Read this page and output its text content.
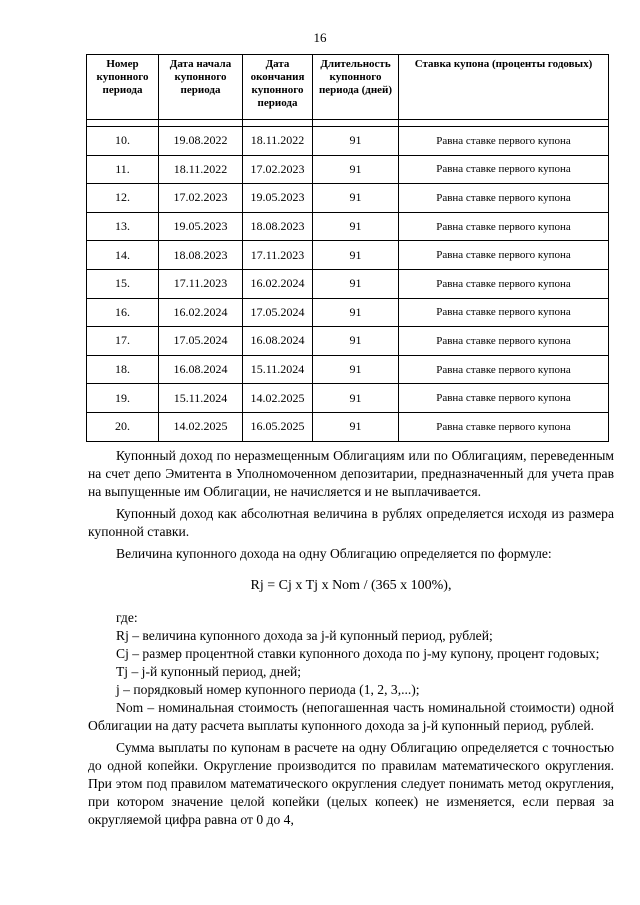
16
Номер купонного периода	Дата начала купонного периода	Дата окончания купонного периода	Длительность купонного периода (дней)	Ставка купона (проценты годовых)

10.	19.08.2022	18.11.2022	91	Равна ставке первого купона
11.	18.11.2022	17.02.2023	91	Равна ставке первого купона
12.	17.02.2023	19.05.2023	91	Равна ставке первого купона
13.	19.05.2023	18.08.2023	91	Равна ставке первого купона
14.	18.08.2023	17.11.2023	91	Равна ставке первого купона
15.	17.11.2023	16.02.2024	91	Равна ставке первого купона
16.	16.02.2024	17.05.2024	91	Равна ставке первого купона
17.	17.05.2024	16.08.2024	91	Равна ставке первого купона
18.	16.08.2024	15.11.2024	91	Равна ставке первого купона
19.	15.11.2024	14.02.2025	91	Равна ставке первого купона
20.	14.02.2025	16.05.2025	91	Равна ставке первого купона

Купонный доход по неразмещенным Облигациям или по Облигациям, переведенным на счет депо Эмитента в Уполномоченном депозитарии, предназначенный для учета прав на выпущенные им Облигации, не начисляется и не выплачивается.

Купонный доход как абсолютная величина в рублях определяется исходя из размера купонной ставки.

Величина купонного дохода на одну Облигацию определяется по формуле:

Rj = Cj x Tj x Nom / (365 x 100%),

где:

Rj – величина купонного дохода за j-й купонный период, рублей;

Cj – размер процентной ставки купонного дохода по j-му купону, процент годовых;

Tj – j-й купонный период, дней;

j – порядковый номер купонного периода (1, 2, 3,...);

Nom – номинальная стоимость (непогашенная часть номинальной стоимости) одной Облигации на дату расчета выплаты купонного дохода за j-й купонный период, рублей.

Сумма выплаты по купонам в расчете на одну Облигацию определяется с точностью до одной копейки. Округление производится по правилам математического округления. При этом под правилом математического округления следует понимать метод округления, при котором значение целой копейки (целых копеек) не изменяется, если первая за округляемой цифра равна от 0 до 4,
